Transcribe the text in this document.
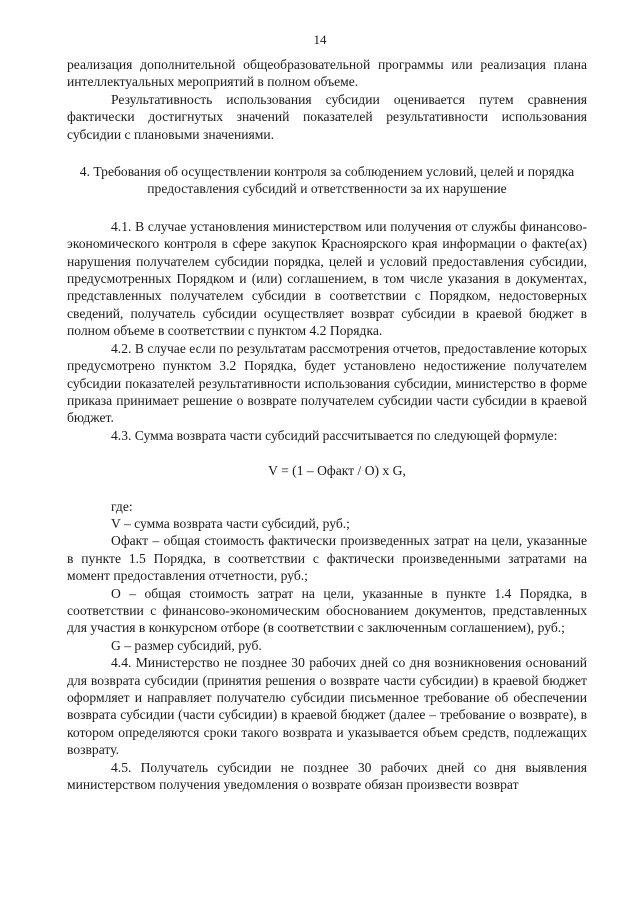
14

реализация дополнительной общеобразовательной программы или реализация плана интеллектуальных мероприятий в полном объеме.

Результативность использования субсидии оценивается путем сравнения фактически достигнутых значений показателей результативности использования субсидии с плановыми значениями.

4. Требования об осуществлении контроля за соблюдением условий, целей и порядка предоставления субсидий и ответственности за их нарушение

4.1. В случае установления министерством или получения от службы финансово-экономического контроля в сфере закупок Красноярского края информации о факте(ах) нарушения получателем субсидии порядка, целей и условий предоставления субсидии, предусмотренных Порядком и (или) соглашением, в том числе указания в документах, представленных получателем субсидии в соответствии с Порядком, недостоверных сведений, получатель субсидии осуществляет возврат субсидии в краевой бюджет в полном объеме в соответствии с пунктом 4.2 Порядка.

4.2. В случае если по результатам рассмотрения отчетов, предоставление которых предусмотрено пунктом 3.2 Порядка, будет установлено недостижение получателем субсидии показателей результативности использования субсидии, министерство в форме приказа принимает решение о возврате получателем субсидии части субсидии в краевой бюджет.

4.3. Сумма возврата части субсидий рассчитывается по следующей формуле:

V = (1 – Офакт / О) x G,

где:

V – сумма возврата части субсидий, руб.;

Офакт – общая стоимость фактически произведенных затрат на цели, указанные в пункте 1.5 Порядка, в соответствии с фактически произведенными затратами на момент предоставления отчетности, руб.;

О – общая стоимость затрат на цели, указанные в пункте 1.4 Порядка, в соответствии с финансово-экономическим обоснованием документов, представленных для участия в конкурсном отборе (в соответствии с заключенным соглашением), руб.;

G – размер субсидий, руб.

4.4. Министерство не позднее 30 рабочих дней со дня возникновения оснований для возврата субсидии (принятия решения о возврате части субсидии) в краевой бюджет оформляет и направляет получателю субсидии письменное требование об обеспечении возврата субсидии (части субсидии) в краевой бюджет (далее – требование о возврате), в котором определяются сроки такого возврата и указывается объем средств, подлежащих возврату.

4.5. Получатель субсидии не позднее 30 рабочих дней со дня выявления министерством получения уведомления о возврате обязан произвести возврат
